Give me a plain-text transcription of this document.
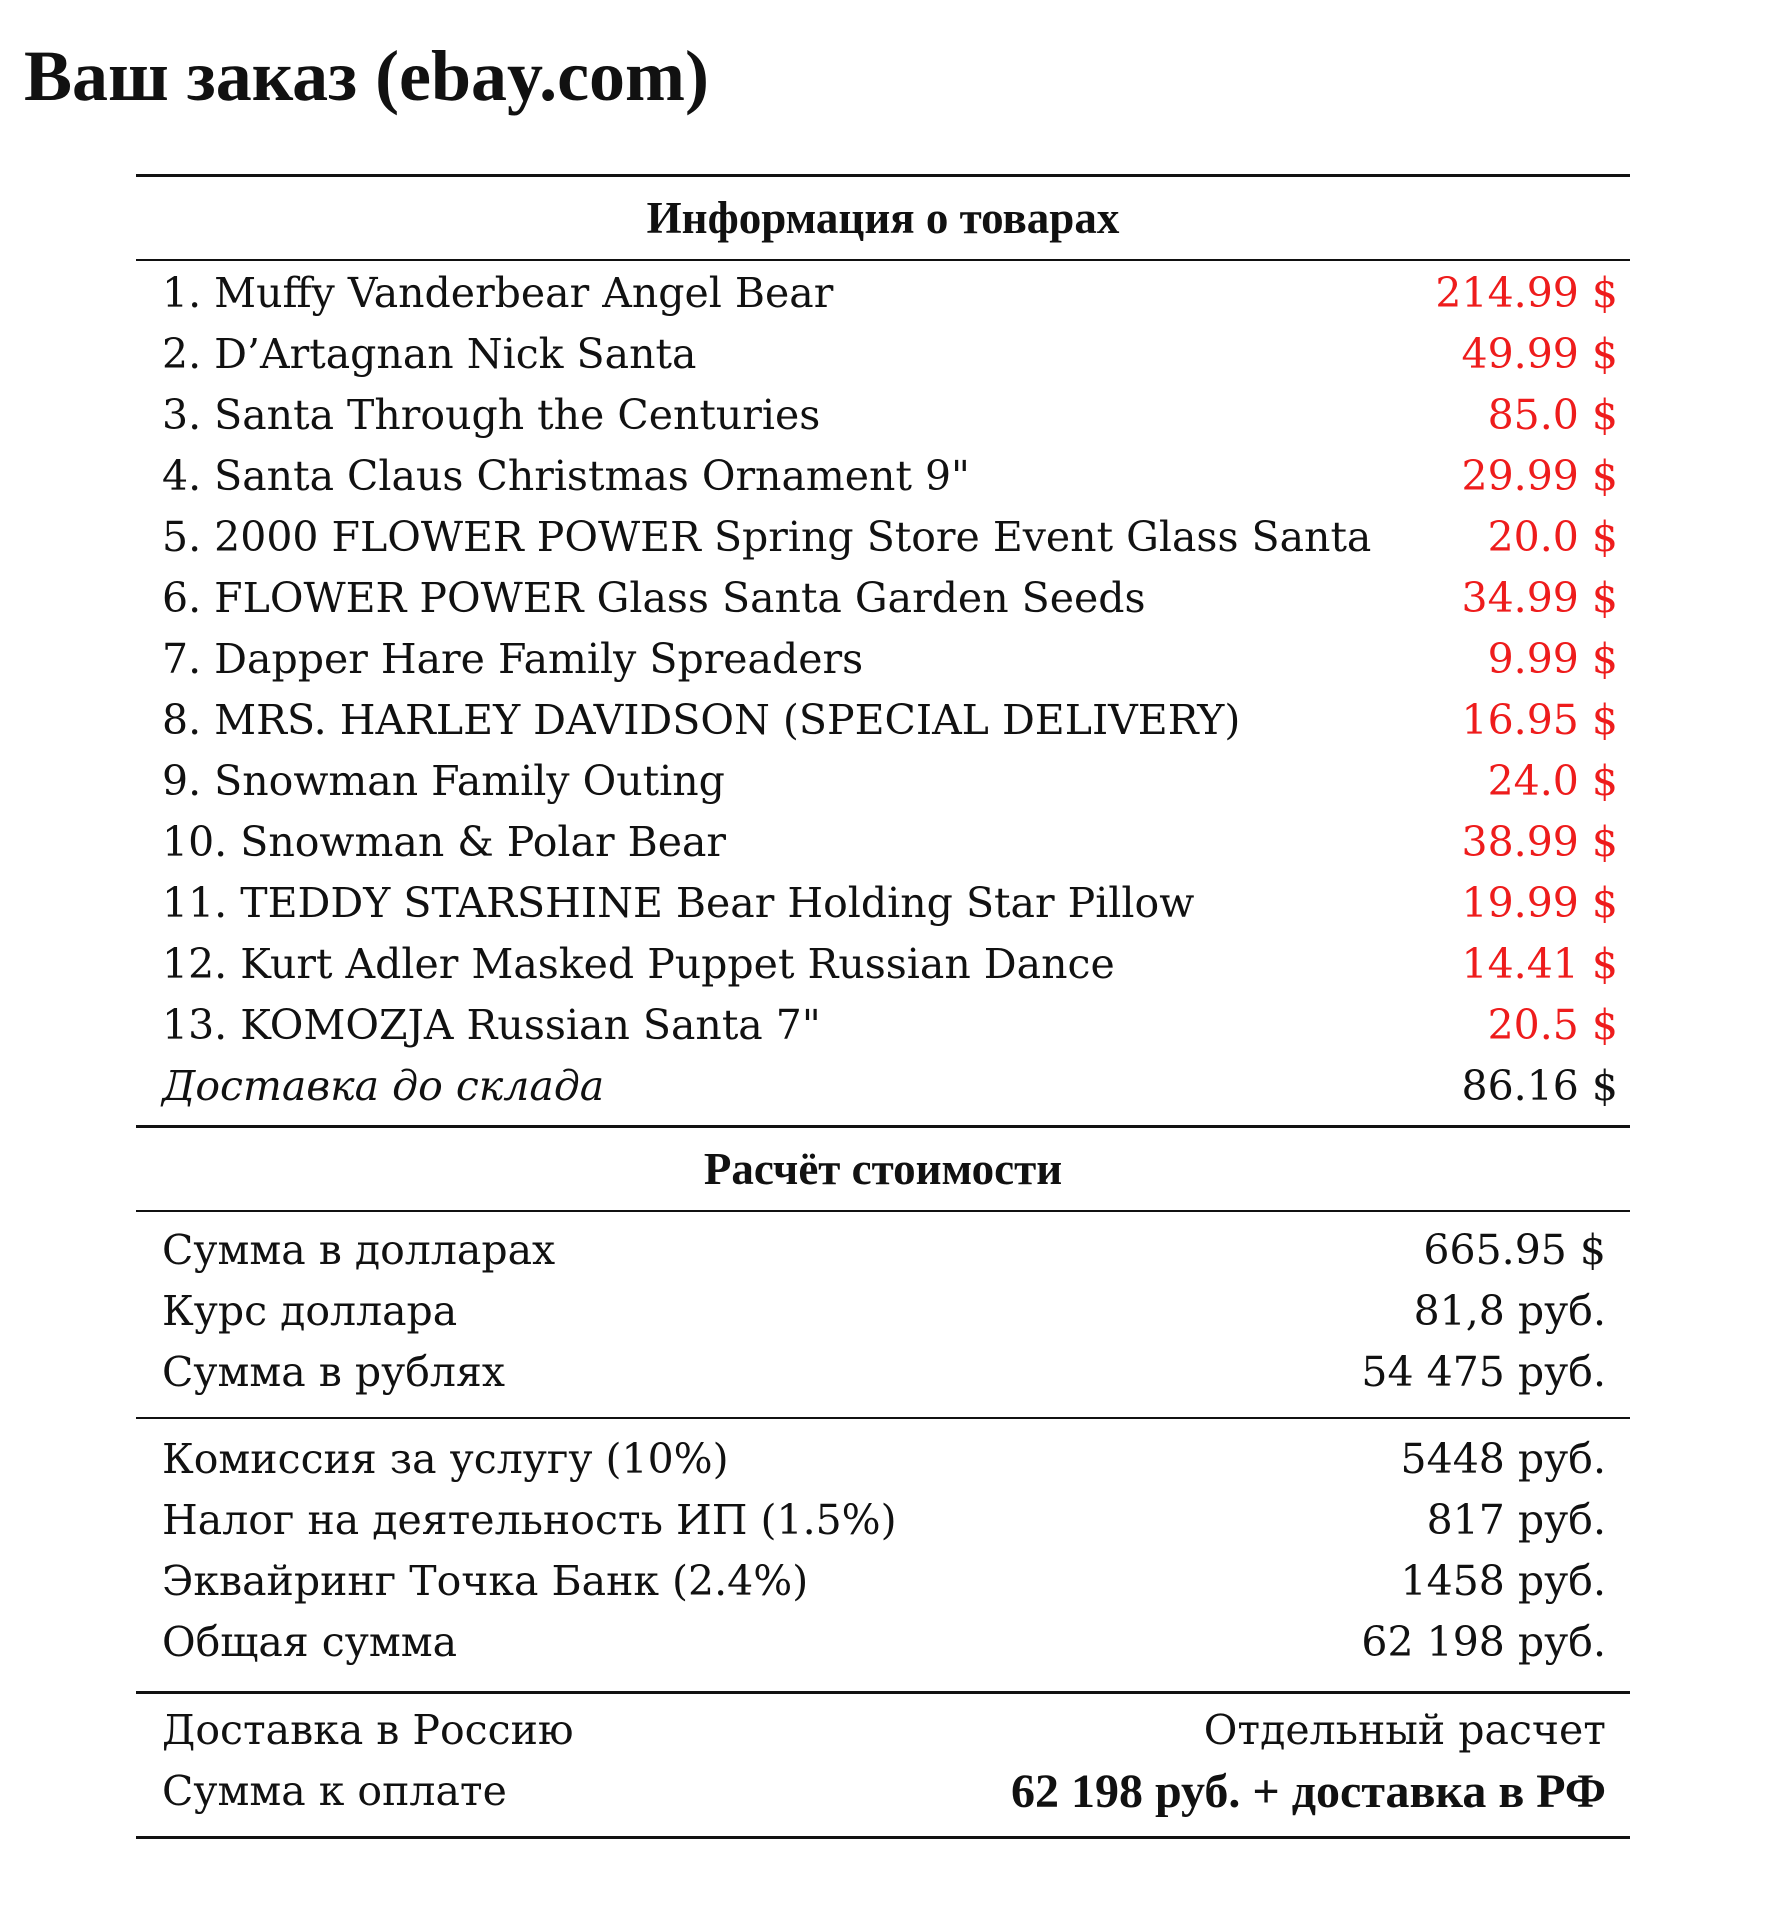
Ваш заказ (ebay.com)
Информация о товарах
1. Muffy Vanderbear Angel Bear	214.99 $
2. D’Artagnan Nick Santa	49.99 $
3. Santa Through the Centuries	85.0 $
4. Santa Claus Christmas Ornament 9"	29.99 $
5. 2000 FLOWER POWER Spring Store Event Glass Santa	20.0 $
6. FLOWER POWER Glass Santa Garden Seeds	34.99 $
7. Dapper Hare Family Spreaders	9.99 $
8. MRS. HARLEY DAVIDSON (SPECIAL DELIVERY)	16.95 $
9. Snowman Family Outing	24.0 $
10. Snowman & Polar Bear	38.99 $
11. TEDDY STARSHINE Bear Holding Star Pillow	19.99 $
12. Kurt Adler Masked Puppet Russian Dance	14.41 $
13. KOMOZJA Russian Santa 7"	20.5 $
Доставка до склада	86.16 $
Расчёт стоимости
Сумма в долларах	665.95 $
Курс доллара	81,8 руб.
Сумма в рублях	54 475 руб.
Комиссия за услугу (10%)	5448 руб.
Налог на деятельность ИП (1.5%)	817 руб.
Эквайринг Точка Банк (2.4%)	1458 руб.
Общая сумма	62 198 руб.
Доставка в Россию	Отдельный расчет
Сумма к оплате	62 198 руб. + доставка в РФ
